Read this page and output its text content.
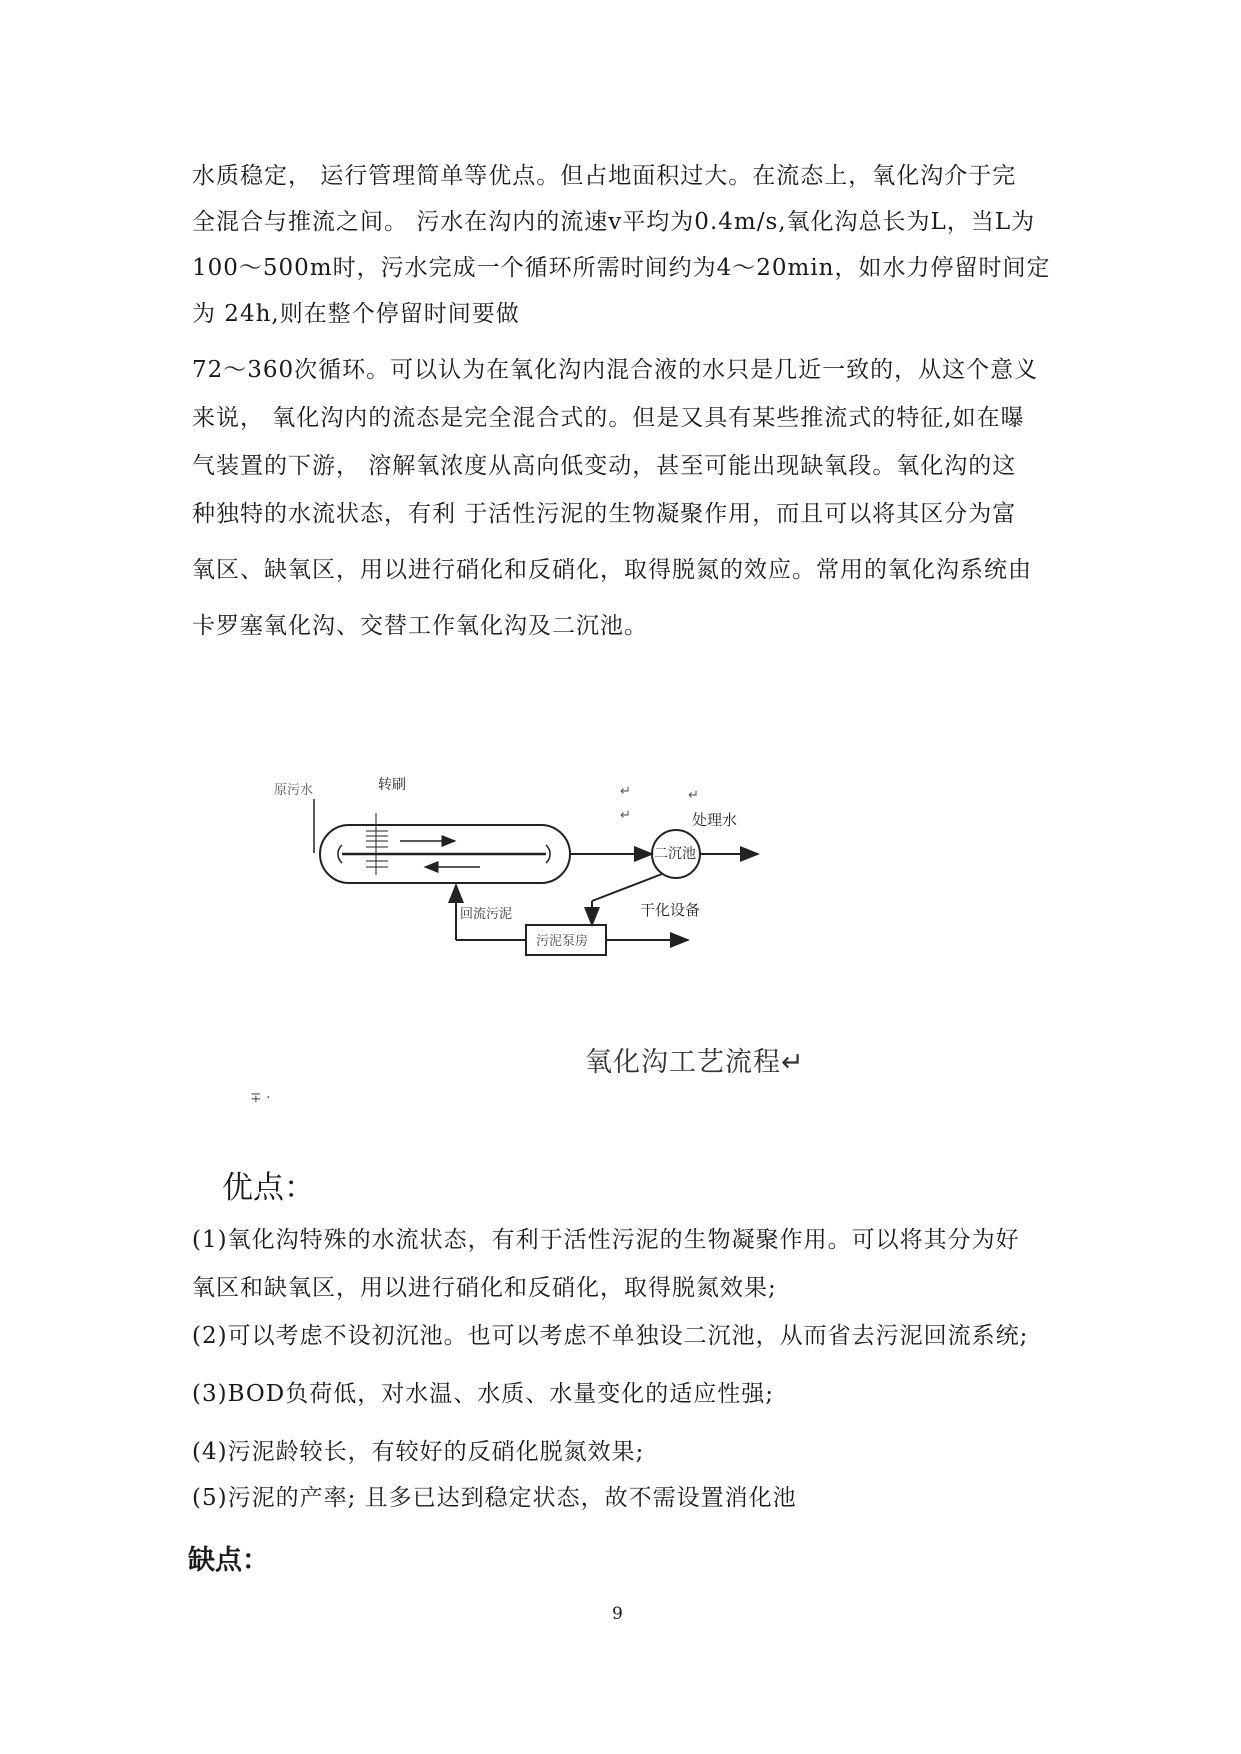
水质稳定， 运行管理简单等优点。但占地面积过大。在流态上，氧化沟介于完
全混合与推流之间。 污水在沟内的流速v平均为0.4m/s,氧化沟总长为L，当L为
100～500m时，污水完成一个循环所需时间约为4～20min，如水力停留时间定
为 24h,则在整个停留时间要做
72～360次循环。可以认为在氧化沟内混合液的水只是几近一致的，从这个意义
来说， 氧化沟内的流态是完全混合式的。但是又具有某些推流式的特征,如在曝
气装置的下游， 溶解氧浓度从高向低变动，甚至可能出现缺氧段。氧化沟的这
种独特的水流状态，有利 于活性污泥的生物凝聚作用，而且可以将其区分为富
氧区、缺氧区，用以进行硝化和反硝化，取得脱氮的效应。常用的氧化沟系统由
卡罗塞氧化沟、交替工作氧化沟及二沉池。
转刷
原污水
二沉池
↵
↵
↵
处理水
污泥泵房
干化设备
回流污泥
氧化沟工艺流程↵
∓ ·
优点：
(1)氧化沟特殊的水流状态，有利于活性污泥的生物凝聚作用。可以将其分为好
氧区和缺氧区，用以进行硝化和反硝化，取得脱氮效果;
(2)可以考虑不设初沉池。也可以考虑不单独设二沉池，从而省去污泥回流系统;
(3)BOD负荷低，对水温、水质、水量变化的适应性强;
(4)污泥龄较长，有较好的反硝化脱氮效果;
(5)污泥的产率; 且多已达到稳定状态，故不需设置消化池
缺点：
9
